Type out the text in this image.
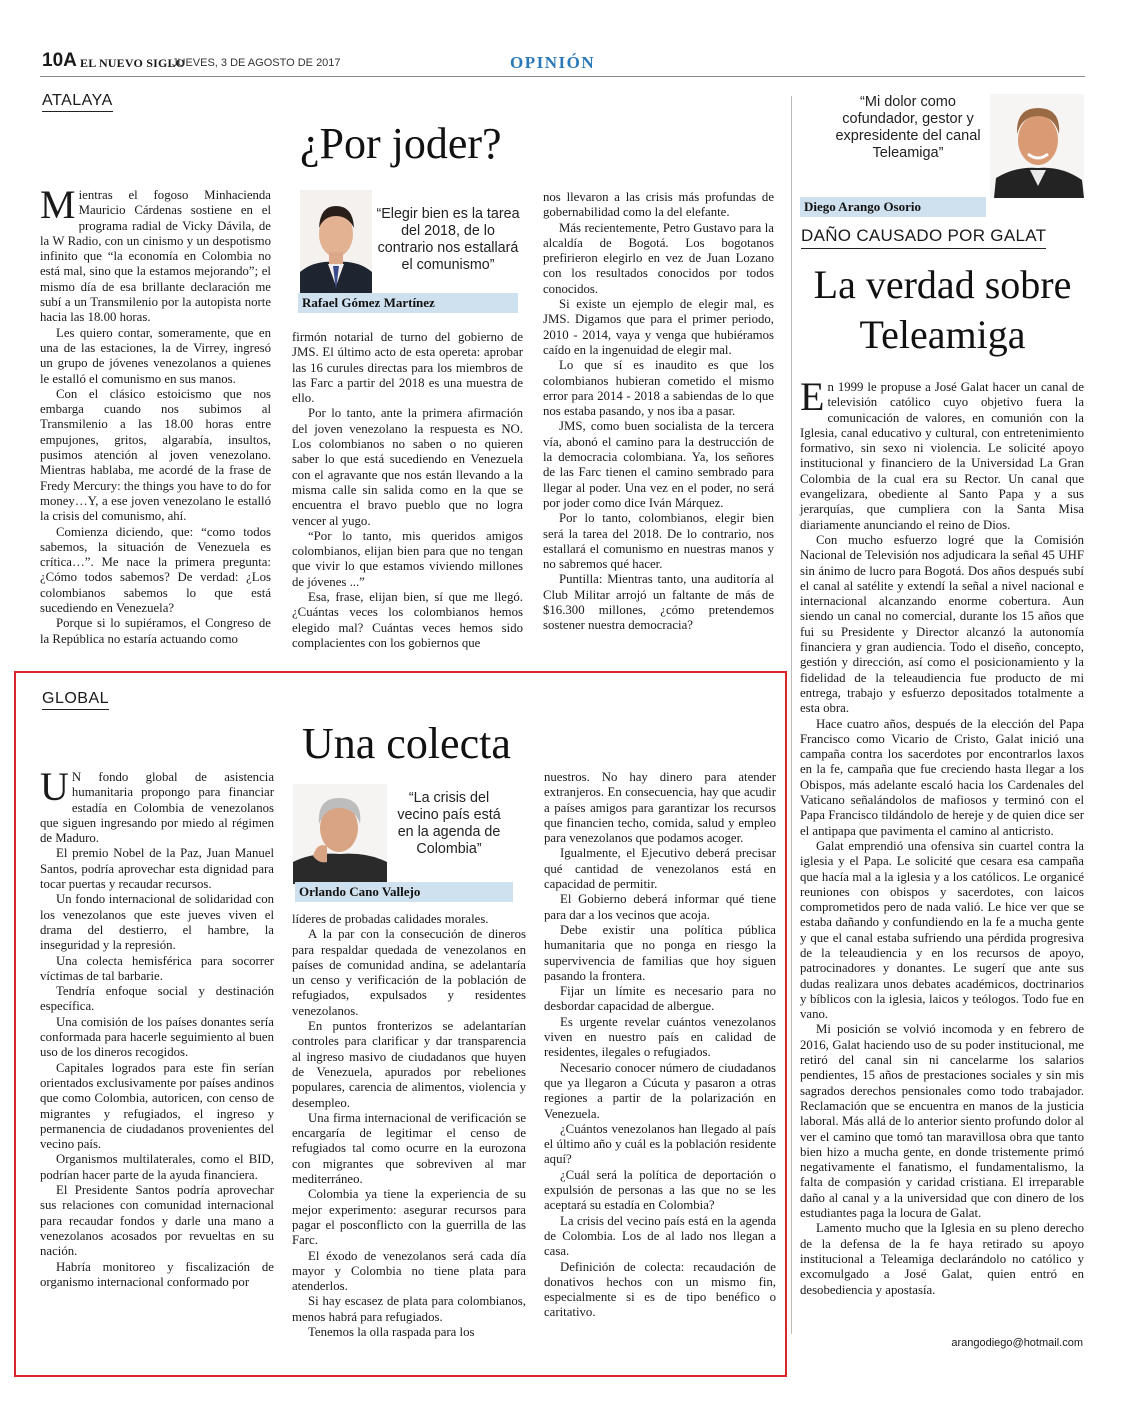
10A EL NUEVO SIGLO
JUEVES, 3 DE AGOSTO DE 2017	OPINIÓN
ATALAYA
¿Por joder?
“Elegir bien es la tarea del 2018, de lo contrario nos estallará el comunismo”
Rafael Gómez Martínez

Mientras el fogoso Minhacienda Mauricio Cárdenas sostiene en el programa radial de Vicky Dávila, de la W Radio, con un cinismo y un despotismo infinito que “la economía en Colombia no está mal, sino que la estamos mejorando”; el mismo día de esa brillante declaración me subí a un Transmilenio por la autopista norte hacia las 18.00 horas.

Les quiero contar, someramente, que en una de las estaciones, la de Virrey, ingresó un grupo de jóvenes venezolanos a quienes le estalló el comunismo en sus manos.

Con el clásico estoicismo que nos embarga cuando nos subimos al Transmilenio a las 18.00 horas entre empujones, gritos, algarabía, insultos, pusimos atención al joven venezolano. Mientras hablaba, me acordé de la frase de Fredy Mercury: the things you have to do for money…Y, a ese joven venezolano le estalló la crisis del comunismo, ahí.

Comienza diciendo, que: “como todos sabemos, la situación de Venezuela es crítica…”. Me nace la primera pregunta: ¿Cómo todos sabemos? De verdad: ¿Los colombianos sabemos lo que está sucediendo en Venezuela?

Porque si lo supiéramos, el Congreso de la República no estaría actuando como

firmón notarial de turno del gobierno de JMS. El último acto de esta opereta: aprobar las 16 curules directas para los miembros de las Farc a partir del 2018 es una muestra de ello.

Por lo tanto, ante la primera afirmación del joven venezolano la respuesta es NO. Los colombianos no saben o no quieren saber lo que está sucediendo en Venezuela con el agravante que nos están llevando a la misma calle sin salida como en la que se encuentra el bravo pueblo que no logra vencer al yugo.

“Por lo tanto, mis queridos amigos colombianos, elijan bien para que no tengan que vivir lo que estamos viviendo millones de jóvenes ...”

Esa, frase, elijan bien, sí que me llegó. ¿Cuántas veces los colombianos hemos elegido mal? Cuántas veces hemos sido complacientes con los gobiernos que

nos llevaron a las crisis más profundas de gobernabilidad como la del elefante.

Más recientemente, Petro Gustavo para la alcaldía de Bogotá. Los bogotanos prefirieron elegirlo en vez de Juan Lozano con los resultados conocidos por todos conocidos.

Si existe un ejemplo de elegir mal, es JMS. Digamos que para el primer periodo, 2010 - 2014, vaya y venga que hubiéramos caído en la ingenuidad de elegir mal.

Lo que sí es inaudito es que los colombianos hubieran cometido el mismo error para 2014 - 2018 a sabiendas de lo que nos estaba pasando, y nos iba a pasar.

JMS, como buen socialista de la tercera vía, abonó el camino para la destrucción de la democracia colombiana. Ya, los señores de las Farc tienen el camino sembrado para llegar al poder. Una vez en el poder, no será por joder como dice Iván Márquez.

Por lo tanto, colombianos, elegir bien será la tarea del 2018. De lo contrario, nos estallará el comunismo en nuestras manos y no sabremos qué hacer.

Puntilla: Mientras tanto, una auditoría al Club Militar arrojó un faltante de más de $16.300 millones, ¿cómo pretendemos sostener nuestra democracia?

GLOBAL
Una colecta
“La crisis del vecino país está en la agenda de Colombia”
Orlando Cano Vallejo

U N fondo global de asistencia humanitaria propongo para financiar estadía en Colombia de venezolanos que siguen ingresando por miedo al régimen de Maduro.

El premio Nobel de la Paz, Juan Manuel Santos, podría aprovechar esta dignidad para tocar puertas y recaudar recursos.

Un fondo internacional de solidaridad con los venezolanos que este jueves viven el drama del destierro, el hambre, la inseguridad y la represión.

Una colecta hemisférica para socorrer víctimas de tal barbarie.

Tendría enfoque social y destinación específica.

Una comisión de los países donantes sería conformada para hacerle seguimiento al buen uso de los dineros recogidos.

Capitales logrados para este fin serían orientados exclusivamente por países andinos que como Colombia, autoricen, con censo de migrantes y refugiados, el ingreso y permanencia de ciudadanos provenientes del vecino país.

Organismos multilaterales, como el BID, podrían hacer parte de la ayuda financiera.

El Presidente Santos podría aprovechar sus relaciones con comunidad internacional para recaudar fondos y darle una mano a venezolanos acosados por revueltas en su nación.

Habría monitoreo y fiscalización de organismo internacional conformado por

líderes de probadas calidades morales.

A la par con la consecución de dineros para respaldar quedada de venezolanos en países de comunidad andina, se adelantaría un censo y verificación de la población de refugiados, expulsados y residentes venezolanos.

En puntos fronterizos se adelantarían controles para clarificar y dar transparencia al ingreso masivo de ciudadanos que huyen de Venezuela, apurados por rebeliones populares, carencia de alimentos, violencia y desempleo.

Una firma internacional de verificación se encargaría de legitimar el censo de refugiados tal como ocurre en la eurozona con migrantes que sobreviven al mar mediterráneo.

Colombia ya tiene la experiencia de su mejor experimento: asegurar recursos para pagar el posconflicto con la guerrilla de las Farc.

El éxodo de venezolanos será cada día mayor y Colombia no tiene plata para atenderlos.

Si hay escasez de plata para colombianos, menos habrá para refugiados.

Tenemos la olla raspada para los

nuestros. No hay dinero para atender extranjeros. En consecuencia, hay que acudir a países amigos para garantizar los recursos que financien techo, comida, salud y empleo para venezolanos que podamos acoger.

Igualmente, el Ejecutivo deberá precisar qué cantidad de venezolanos está en capacidad de permitir.

El Gobierno deberá informar qué tiene para dar a los vecinos que acoja.

Debe existir una política pública humanitaria que no ponga en riesgo la supervivencia de familias que hoy siguen pasando la frontera.

Fijar un límite es necesario para no desbordar capacidad de albergue.

Es urgente revelar cuántos venezolanos viven en nuestro país en calidad de residentes, ilegales o refugiados.

Necesario conocer número de ciudadanos que ya llegaron a Cúcuta y pasaron a otras regiones a partir de la polarización en Venezuela.

¿Cuántos venezolanos han llegado al país el último año y cuál es la población residente aquí?

¿Cuál será la política de deportación o expulsión de personas a las que no se les aceptará su estadía en Colombia?

La crisis del vecino país está en la agenda de Colombia. Los de al lado nos llegan a casa.

Definición de colecta: recaudación de donativos hechos con un mismo fin, especialmente si es de tipo benéfico o caritativo.

“Mi dolor como cofundador, gestor y expresidente del canal Teleamiga”
Diego Arango Osorio
DAÑO CAUSADO POR GALAT
La verdad sobre Teleamiga

En 1999 le propuse a José Galat hacer un canal de televisión católico cuyo objetivo fuera la comunicación de valores, en comunión con la Iglesia, canal educativo y cultural, con entretenimiento formativo, sin sexo ni violencia. Le solicité apoyo institucional y financiero de la Universidad La Gran Colombia de la cual era su Rector. Un canal que evangelizara, obediente al Santo Papa y a sus jerarquías, que cumpliera con la Santa Misa diariamente anunciando el reino de Dios.

Con mucho esfuerzo logré que la Comisión Nacional de Televisión nos adjudicara la señal 45 UHF sin ánimo de lucro para Bogotá. Dos años después subí el canal al satélite y extendí la señal a nivel nacional e internacional alcanzando enorme cobertura. Aun siendo un canal no comercial, durante los 15 años que fui su Presidente y Director alcanzó la autonomía financiera y gran audiencia. Todo el diseño, concepto, gestión y dirección, así como el posicionamiento y la fidelidad de la teleaudiencia fue producto de mi entrega, trabajo y esfuerzo depositados totalmente a esta obra.

Hace cuatro años, después de la elección del Papa Francisco como Vicario de Cristo, Galat inició una campaña contra los sacerdotes por encontrarlos laxos en la fe, campaña que fue creciendo hasta llegar a los Obispos, más adelante escaló hacia los Cardenales del Vaticano señalándolos de mafiosos y terminó con el Papa Francisco tildándolo de hereje y de quien dice ser el antipapa que pavimenta el camino al anticristo.

Galat emprendió una ofensiva sin cuartel contra la iglesia y el Papa. Le solicité que cesara esa campaña que hacía mal a la iglesia y a los católicos. Le organicé reuniones con obispos y sacerdotes, con laicos comprometidos pero de nada valió. Le hice ver que se estaba dañando y confundiendo en la fe a mucha gente y que el canal estaba sufriendo una pérdida progresiva de la teleaudiencia y en los recursos de apoyo, patrocinadores y donantes. Le sugerí que ante sus dudas realizara unos debates académicos, doctrinarios y bíblicos con la iglesia, laicos y teólogos. Todo fue en vano.

Mi posición se volvió incomoda y en febrero de 2016, Galat haciendo uso de su poder institucional, me retiró del canal sin ni cancelarme los salarios pendientes, 15 años de prestaciones sociales y sin mis sagrados derechos pensionales como todo trabajador. Reclamación que se encuentra en manos de la justicia laboral. Más allá de lo anterior siento profundo dolor al ver el camino que tomó tan maravillosa obra que tanto bien hizo a mucha gente, en donde tristemente primó negativamente el fanatismo, el fundamentalismo, la falta de compasión y caridad cristiana. El irreparable daño al canal y a la universidad que con dinero de los estudiantes paga la locura de Galat.

Lamento mucho que la Iglesia en su pleno derecho de la defensa de la fe haya retirado su apoyo institucional a Teleamiga declarándolo no católico y excomulgado a José Galat, quien entró en desobediencia y apostasía.

arangodiego@hotmail.com
